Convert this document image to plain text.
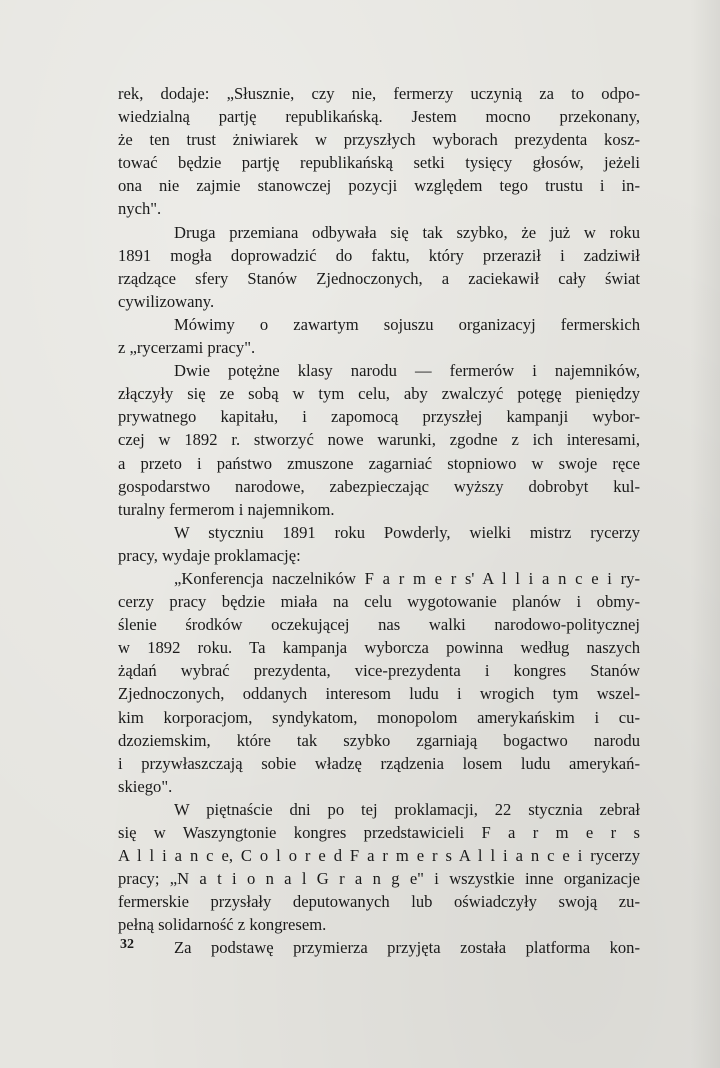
rek, dodaje: „Słusznie, czy nie, fermerzy uczynią za to odpo-
wiedzialną partję republikańską. Jestem mocno przekonany,
że ten trust żniwiarek w przyszłych wyborach prezydenta kosz-
tować będzie partję republikańską setki tysięcy głosów, jeżeli
ona nie zajmie stanowczej pozycji względem tego trustu i in-
nych".
Druga przemiana odbywała się tak szybko, że już w roku
1891 mogła doprowadzić do faktu, który przeraził i zadziwił
rządzące sfery Stanów Zjednoczonych, a zaciekawił cały świat
cywilizowany.
Mówimy o zawartym sojuszu organizacyj fermerskich
z „rycerzami pracy".
Dwie potężne klasy narodu — fermerów i najemników,
złączyły się ze sobą w tym celu, aby zwalczyć potęgę pieniędzy
prywatnego kapitału, i zapomocą przyszłej kampanji wybor-
czej w 1892 r. stworzyć nowe warunki, zgodne z ich interesami,
a przeto i państwo zmuszone zagarniać stopniowo w swoje ręce
gospodarstwo narodowe, zabezpieczając wyższy dobrobyt kul-
turalny fermerom i najemnikom.
W styczniu 1891 roku Powderly, wielki mistrz rycerzy
pracy, wydaje proklamację:
„Konferencja naczelników F a r m e r s' A l l i a n c e i ry-
cerzy pracy będzie miała na celu wygotowanie planów i obmy-
ślenie środków oczekującej nas walki narodowo-politycznej
w 1892 roku. Ta kampanja wyborcza powinna według naszych
żądań wybrać prezydenta, vice-prezydenta i kongres Stanów
Zjednoczonych, oddanych interesom ludu i wrogich tym wszel-
kim korporacjom, syndykatom, monopolom amerykańskim i cu-
dzoziemskim, które tak szybko zgarniają bogactwo narodu
i przywłaszczają sobie władzę rządzenia losem ludu amerykań-
skiego".
W piętnaście dni po tej proklamacji, 22 stycznia zebrał
się w Waszyngtonie kongres przedstawicieli F a r m e r s
A l l i a n c e, C o l o r e d F a r m e r s A l l i a n c e i rycerzy
pracy; „N a t i o n a l G r a n g e" i wszystkie inne organizacje
fermerskie przysłały deputowanych lub oświadczyły swoją zu-
pełną solidarność z kongresem.
Za podstawę przymierza przyjęta została platforma kon-
32
